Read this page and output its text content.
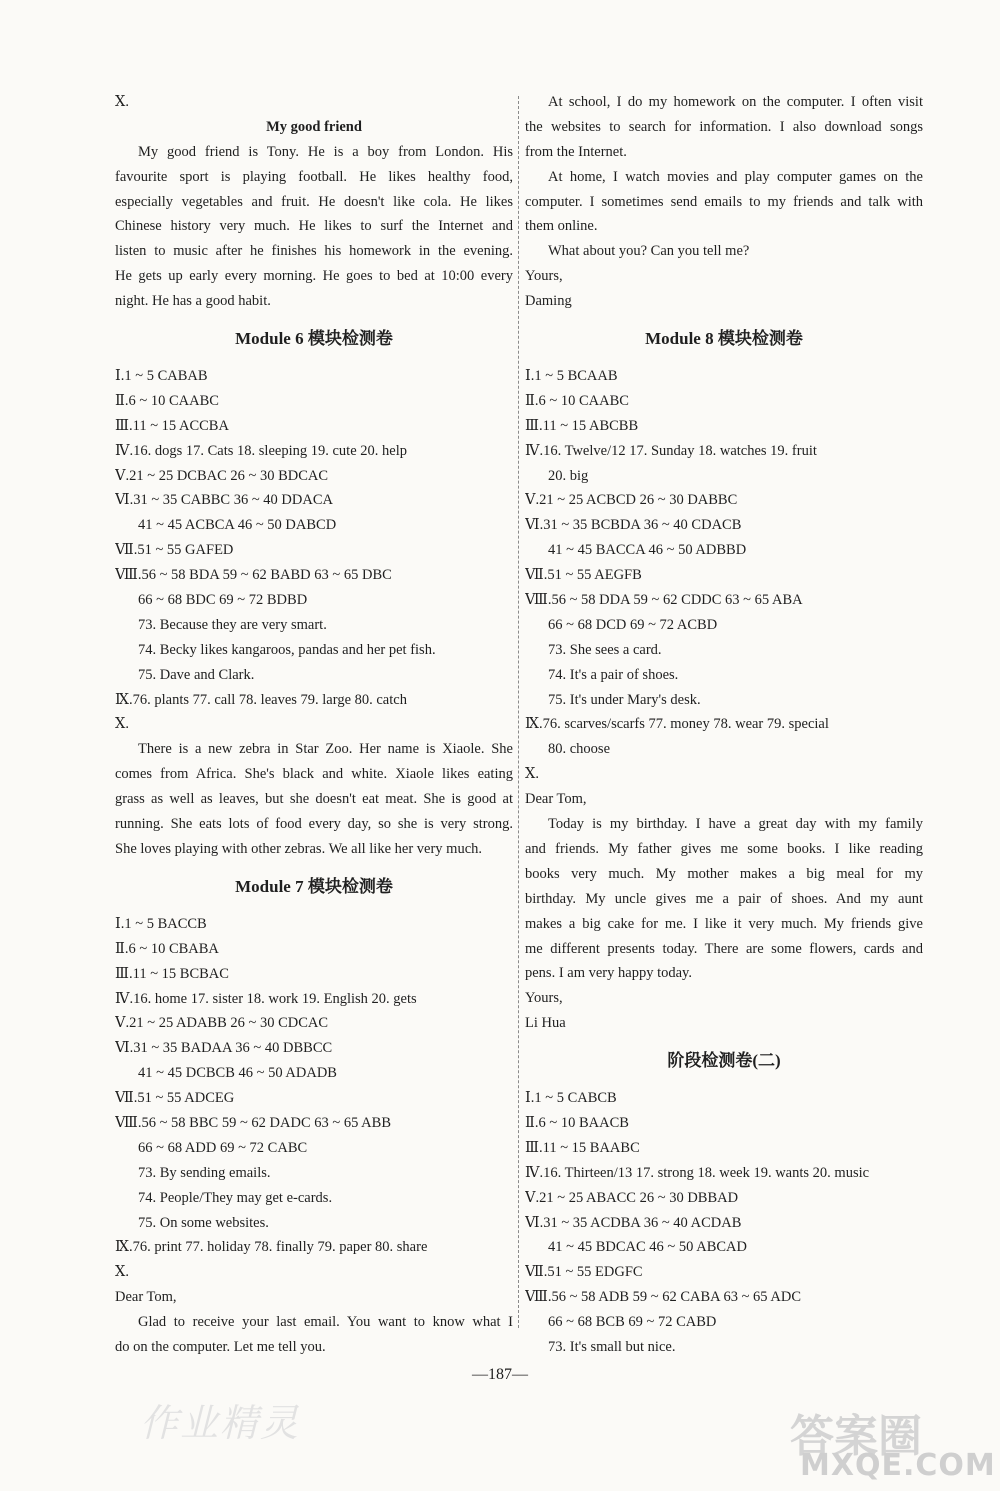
Ⅹ.
My good friend
My good friend is Tony. He is a boy from London. His
favourite sport is playing football. He likes healthy food,
especially vegetables and fruit. He doesn't like cola. He likes
Chinese history very much. He likes to surf the Internet and
listen to music after he finishes his homework in the evening.
He gets up early every morning. He goes to bed at 10:00 every
night. He has a good habit.
Module 6 模块检测卷
Ⅰ.1 ~ 5 CABAB
Ⅱ.6 ~ 10 CAABC
Ⅲ.11 ~ 15 ACCBA
Ⅳ.16. dogs 17. Cats 18. sleeping 19. cute 20. help
Ⅴ.21 ~ 25 DCBAC 26 ~ 30 BDCAC
Ⅵ.31 ~ 35 CABBC 36 ~ 40 DDACA
41 ~ 45 ACBCA 46 ~ 50 DABCD
Ⅶ.51 ~ 55 GAFED
Ⅷ.56 ~ 58 BDA 59 ~ 62 BABD 63 ~ 65 DBC
66 ~ 68 BDC 69 ~ 72 BDBD
73. Because they are very smart.
74. Becky likes kangaroos, pandas and her pet fish.
75. Dave and Clark.
Ⅸ.76. plants 77. call 78. leaves 79. large 80. catch
Ⅹ.
There is a new zebra in Star Zoo. Her name is Xiaole. She
comes from Africa. She's black and white. Xiaole likes eating
grass as well as leaves, but she doesn't eat meat. She is good at
running. She eats lots of food every day, so she is very strong.
She loves playing with other zebras. We all like her very much.
Module 7 模块检测卷
Ⅰ.1 ~ 5 BACCB
Ⅱ.6 ~ 10 CBABA
Ⅲ.11 ~ 15 BCBAC
Ⅳ.16. home 17. sister 18. work 19. English 20. gets
Ⅴ.21 ~ 25 ADABB 26 ~ 30 CDCAC
Ⅵ.31 ~ 35 BADAA 36 ~ 40 DBBCC
41 ~ 45 DCBCB 46 ~ 50 ADADB
Ⅶ.51 ~ 55 ADCEG
Ⅷ.56 ~ 58 BBC 59 ~ 62 DADC 63 ~ 65 ABB
66 ~ 68 ADD 69 ~ 72 CABC
73. By sending emails.
74. People/They may get e-cards.
75. On some websites.
Ⅸ.76. print 77. holiday 78. finally 79. paper 80. share
Ⅹ.
Dear Tom,
Glad to receive your last email. You want to know what I
do on the computer. Let me tell you.
At school, I do my homework on the computer. I often visit
the websites to search for information. I also download songs
from the Internet.
At home, I watch movies and play computer games on the
computer. I sometimes send emails to my friends and talk with
them online.
What about you? Can you tell me?
Yours,
Daming
Module 8 模块检测卷
Ⅰ.1 ~ 5 BCAAB
Ⅱ.6 ~ 10 CAABC
Ⅲ.11 ~ 15 ABCBB
Ⅳ.16. Twelve/12 17. Sunday 18. watches 19. fruit
20. big
Ⅴ.21 ~ 25 ACBCD 26 ~ 30 DABBC
Ⅵ.31 ~ 35 BCBDA 36 ~ 40 CDACB
41 ~ 45 BACCA 46 ~ 50 ADBBD
Ⅶ.51 ~ 55 AEGFB
Ⅷ.56 ~ 58 DDA 59 ~ 62 CDDC 63 ~ 65 ABA
66 ~ 68 DCD 69 ~ 72 ACBD
73. She sees a card.
74. It's a pair of shoes.
75. It's under Mary's desk.
Ⅸ.76. scarves/scarfs 77. money 78. wear 79. special
80. choose
Ⅹ.
Dear Tom,
Today is my birthday. I have a great day with my family
and friends. My father gives me some books. I like reading
books very much. My mother makes a big meal for my
birthday. My uncle gives me a pair of shoes. And my aunt
makes a big cake for me. I like it very much. My friends give
me different presents today. There are some flowers, cards and
pens. I am very happy today.
Yours,
Li Hua
阶段检测卷(二)
Ⅰ.1 ~ 5 CABCB
Ⅱ.6 ~ 10 BAACB
Ⅲ.11 ~ 15 BAABC
Ⅳ.16. Thirteen/13 17. strong 18. week 19. wants 20. music
Ⅴ.21 ~ 25 ABACC 26 ~ 30 DBBAD
Ⅵ.31 ~ 35 ACDBA 36 ~ 40 ACDAB
41 ~ 45 BDCAC 46 ~ 50 ABCAD
Ⅶ.51 ~ 55 EDGFC
Ⅷ.56 ~ 58 ADB 59 ~ 62 CABA 63 ~ 65 ADC
66 ~ 68 BCB 69 ~ 72 CABD
73. It's small but nice.
—187—
作业精灵	答案圈
MXQE.COM
